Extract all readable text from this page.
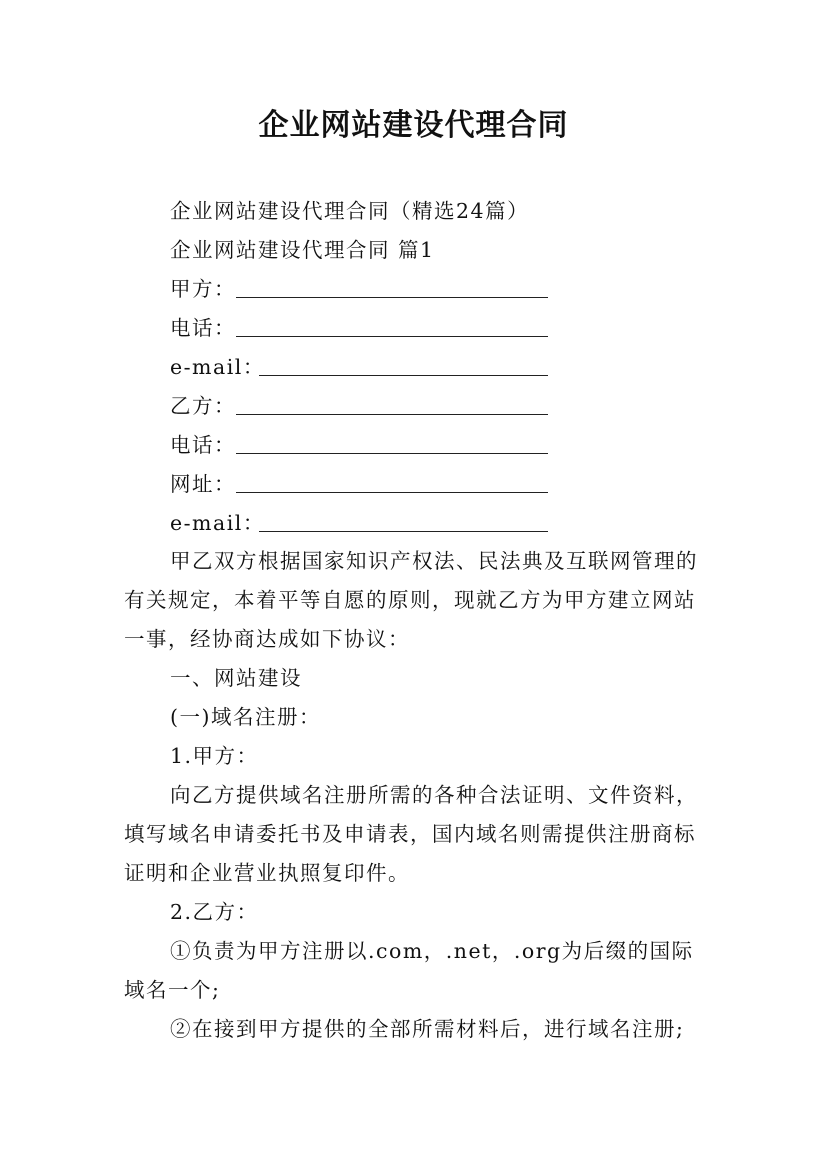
企业网站建设代理合同
企业网站建设代理合同（精选24篇）
企业网站建设代理合同 篇1
甲方：
电话：
e-mail：
乙方：
电话：
网址：
e-mail：
甲乙双方根据国家知识产权法、民法典及互联网管理的
有关规定，本着平等自愿的原则，现就乙方为甲方建立网站
一事，经协商达成如下协议：
一、网站建设
(一)域名注册：
1.甲方：
向乙方提供域名注册所需的各种合法证明、文件资料，
填写域名申请委托书及申请表，国内域名则需提供注册商标
证明和企业营业执照复印件。
2.乙方：
①负责为甲方注册以.com，.net，.org为后缀的国际
域名一个;
②在接到甲方提供的全部所需材料后，进行域名注册;
